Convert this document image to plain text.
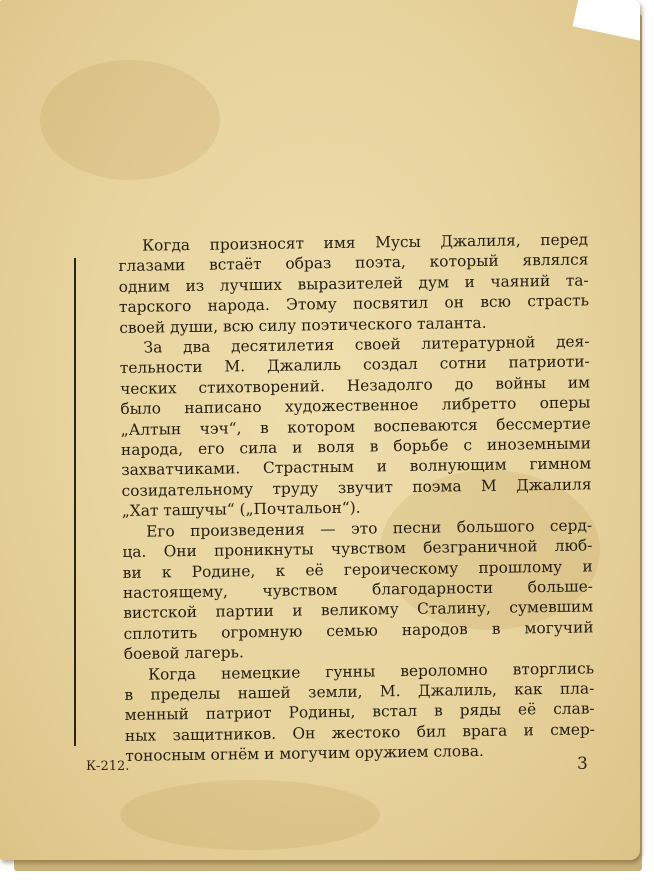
Когда произносят имя Мусы Джалиля, перед
глазами встаёт образ поэта, который являлся
одним из лучших выразителей дум и чаяний та-
тарского народа. Этому посвятил он всю страсть
своей души, всю силу поэтического таланта.
За два десятилетия своей литературной дея-
тельности М. Джалиль создал сотни патриоти-
ческих стихотворений. Незадолго до войны им
было написано художественное либретто оперы
„Алтын чэч“, в котором воспеваются бессмертие
народа, его сила и воля в борьбе с иноземными
захватчиками. Страстным и волнующим гимном
созидательному труду звучит поэма М Джалиля
„Хат ташучы“ („Почтальон“).
Его произведения — это песни большого серд-
ца. Они проникнуты чувством безграничной люб-
ви к Родине, к её героическому прошлому и
настоящему, чувством благодарности больше-
вистской партии и великому Сталину, сумевшим
сплотить огромную семью народов в могучий
боевой лагерь.
Когда немецкие гунны вероломно вторглись
в пределы нашей земли, М. Джалиль, как пла-
менный патриот Родины, встал в ряды её слав-
ных защитников. Он жестоко бил врага и смер-
тоносным огнём и могучим оружием слова.
К-212.	3
